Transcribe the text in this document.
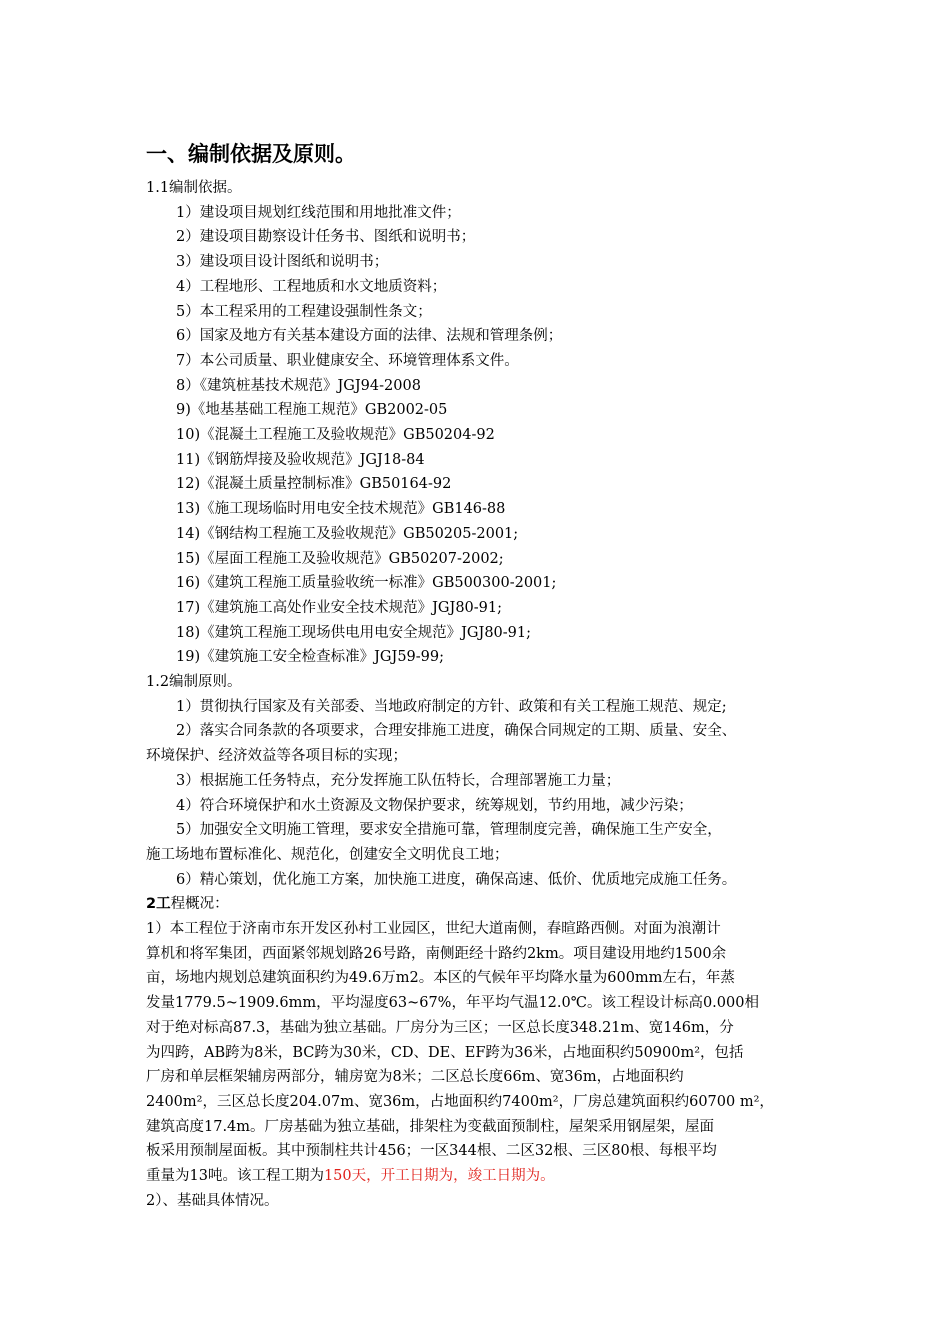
一、编制依据及原则。
1.1编制依据。
1）建设项目规划红线范围和用地批准文件；
2）建设项目勘察设计任务书、图纸和说明书；
3）建设项目设计图纸和说明书；
4）工程地形、工程地质和水文地质资料；
5）本工程采用的工程建设强制性条文；
6）国家及地方有关基本建设方面的法律、法规和管理条例；
7）本公司质量、职业健康安全、环境管理体系文件。
8）《建筑桩基技术规范》JGJ94-2008
9)《地基基础工程施工规范》GB2002-05
10)《混凝土工程施工及验收规范》GB50204-92
11)《钢筋焊接及验收规范》JGJ18-84
12)《混凝土质量控制标准》GB50164-92
13)《施工现场临时用电安全技术规范》GB146-88
14)《钢结构工程施工及验收规范》GB50205-2001;
15)《屋面工程施工及验收规范》GB50207-2002;
16)《建筑工程施工质量验收统一标准》GB500300-2001;
17)《建筑施工高处作业安全技术规范》JGJ80-91;
18)《建筑工程施工现场供电用电安全规范》JGJ80-91;
19)《建筑施工安全检查标准》JGJ59-99;
1.2编制原则。
1）贯彻执行国家及有关部委、当地政府制定的方针、政策和有关工程施工规范、规定;
2）落实合同条款的各项要求，合理安排施工进度，确保合同规定的工期、质量、安全、
环境保护、经济效益等各项目标的实现；
3）根据施工任务特点，充分发挥施工队伍特长，合理部署施工力量；
4）符合环境保护和水土资源及文物保护要求，统筹规划，节约用地，减少污染；
5）加强安全文明施工管理，要求安全措施可靠，管理制度完善，确保施工生产安全，
施工场地布置标准化、规范化，创建安全文明优良工地；
6）精心策划，优化施工方案，加快施工进度，确保高速、低价、优质地完成施工任务。
2工程概况：
1）本工程位于济南市东开发区孙村工业园区，世纪大道南侧，春暄路西侧。对面为浪潮计
算机和将军集团，西面紧邻规划路26号路，南侧距经十路约2km。项目建设用地约1500余
亩，场地内规划总建筑面积约为49.6万m2。本区的气候年平均降水量为600mm左右，年蒸
发量1779.5~1909.6mm，平均湿度63~67%，年平均气温12.0℃。该工程设计标高0.000相
对于绝对标高87.3，基础为独立基础。厂房分为三区；一区总长度348.21m、宽146m，分
为四跨，AB跨为8米，BC跨为30米，CD、DE、EF跨为36米，占地面积约50900m²，包括
厂房和单层框架辅房两部分，辅房宽为8米；二区总长度66m、宽36m，占地面积约
2400m²，三区总长度204.07m、宽36m，占地面积约7400m²，厂房总建筑面积约60700 m²，
建筑高度17.4m。厂房基础为独立基础，排架柱为变截面预制柱，屋架采用钢屋架，屋面
板采用预制屋面板。其中预制柱共计456；一区344根、二区32根、三区80根、每根平均
重量为13吨。该工程工期为150天，开工日期为，竣工日期为。
2）、基础具体情况。
